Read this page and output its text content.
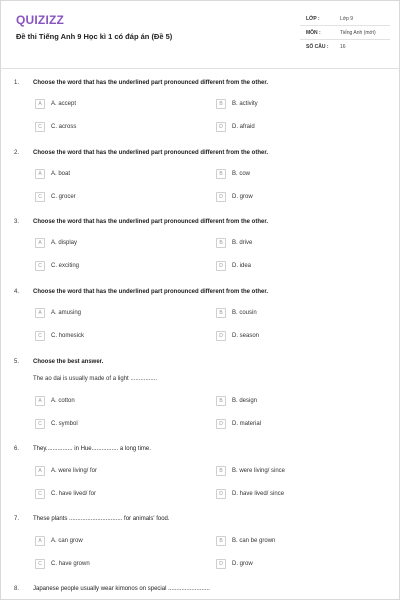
QUIZIZZ
Đề thi Tiếng Anh 9 Học kì 1 có đáp án (Đề 5)
LỚP :	Lớp 9
MÔN :	Tiếng Anh (mới)
SỐ CÂU : 16
1. Choose the word that has the underlined part pronounced different from the other.
A	A. accept	B	B. activity
C	C. across	D	D. afraid
2. Choose the word that has the underlined part pronounced different from the other.
A	A. boat	B	B. cow
C	C. grocer	D	D. grow
3. Choose the word that has the underlined part pronounced different from the other.
A	A. display	B	B. drive
C	C. exciting	D	D. idea
4. Choose the word that has the underlined part pronounced different from the other.
A	A. amusing	B	B. cousin
C	C. homesick	D	D. season
5. Choose the best answer.
The ao dai is usually made of a light ................
A	A. cotton	B	B. design
C	C. symbol	D	D. material
6. They................ in Hue................ a long time.
A	A. were living/ for	B	B. were living/ since
C	C. have lived/ for	D	D. have lived/ since
7. These plants ................................ for animals' food.
A	A. can grow	B	B. can be grown
C	C. have grown	D	D. grow
8. Japanese people usually wear kimonos on special .........................
